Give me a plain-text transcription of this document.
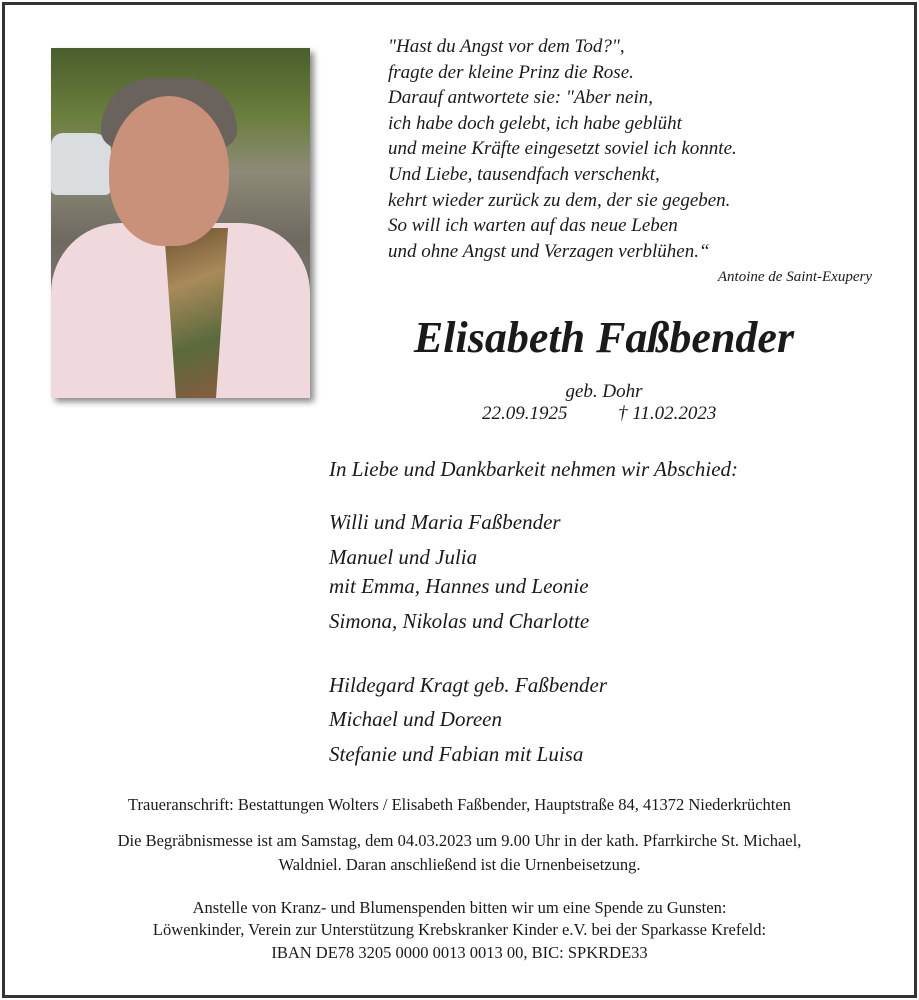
"Hast du Angst vor dem Tod?",
fragte der kleine Prinz die Rose.
Darauf antwortete sie: "Aber nein,
ich habe doch gelebt, ich habe geblüht
und meine Kräfte eingesetzt soviel ich konnte.
Und Liebe, tausendfach verschenkt,
kehrt wieder zurück zu dem, der sie gegeben.
So will ich warten auf das neue Leben
und ohne Angst und Verzagen verblühen.“
Antoine de Saint-Exupery
Elisabeth Faßbender
geb. Dohr
22.09.1925	† 11.02.2023
In Liebe und Dankbarkeit nehmen wir Abschied:
Willi und Maria Faßbender
Manuel und Julia
mit Emma, Hannes und Leonie
Simona, Nikolas und Charlotte
Hildegard Kragt geb. Faßbender
Michael und Doreen
Stefanie und Fabian mit Luisa
Traueranschrift: Bestattungen Wolters / Elisabeth Faßbender, Hauptstraße 84, 41372 Niederkrüchten
Die Begräbnismesse ist am Samstag, dem 04.03.2023 um 9.00 Uhr in der kath. Pfarrkirche St. Michael,
Waldniel. Daran anschließend ist die Urnenbeisetzung.
Anstelle von Kranz- und Blumenspenden bitten wir um eine Spende zu Gunsten:
Löwenkinder, Verein zur Unterstützung Krebskranker Kinder e.V. bei der Sparkasse Krefeld:
IBAN DE78 3205 0000 0013 0013 00, BIC: SPKRDE33
